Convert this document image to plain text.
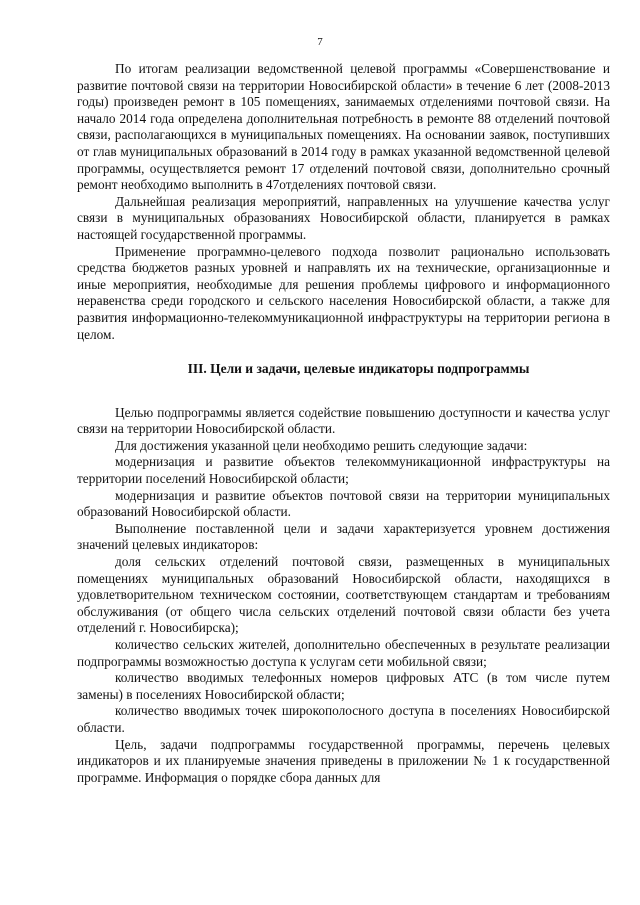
7

По итогам реализации ведомственной целевой программы «Совершенствование и развитие почтовой связи на территории Новосибирской области» в течение 6 лет (2008-2013 годы) произведен ремонт в 105 помещениях, занимаемых отделениями почтовой связи. На начало 2014 года определена дополнительная потребность в ремонте 88 отделений почтовой связи, располагающихся в муниципальных помещениях. На основании заявок, поступивших от глав муниципальных образований в 2014 году в рамках указанной ведомственной целевой программы, осуществляется ремонт 17 отделений почтовой связи, дополнительно срочный ремонт необходимо выполнить в 47отделениях почтовой связи.

Дальнейшая реализация мероприятий, направленных на улучшение качества услуг связи в муниципальных образованиях Новосибирской области, планируется в рамках настоящей государственной программы.

Применение программно-целевого подхода позволит рационально использовать средства бюджетов разных уровней и направлять их на технические, организационные и иные мероприятия, необходимые для решения проблемы цифрового и информационного неравенства среди городского и сельского населения Новосибирской области, а также для развития информационно-телекоммуникационной инфраструктуры на территории региона в целом.

III. Цели и задачи, целевые индикаторы подпрограммы

Целью подпрограммы является содействие повышению доступности и качества услуг связи на территории Новосибирской области.

Для достижения указанной цели необходимо решить следующие задачи:

модернизация и развитие объектов телекоммуникационной инфраструктуры на территории поселений Новосибирской области;

модернизация и развитие объектов почтовой связи на территории муниципальных образований Новосибирской области.

Выполнение поставленной цели и задачи характеризуется уровнем достижения значений целевых индикаторов:

доля сельских отделений почтовой связи, размещенных в муниципальных помещениях муниципальных образований Новосибирской области, находящихся в удовлетворительном техническом состоянии, соответствующем стандартам и требованиям обслуживания (от общего числа сельских отделений почтовой связи области без учета отделений г. Новосибирска);

количество сельских жителей, дополнительно обеспеченных в результате реализации подпрограммы возможностью доступа к услугам сети мобильной связи;

количество вводимых телефонных номеров цифровых АТС (в том числе путем замены) в поселениях Новосибирской области;

количество вводимых точек широкополосного доступа в поселениях Новосибирской области.

Цель, задачи подпрограммы государственной программы, перечень целевых индикаторов и их планируемые значения приведены в приложении № 1 к государственной программе. Информация о порядке сбора данных для
